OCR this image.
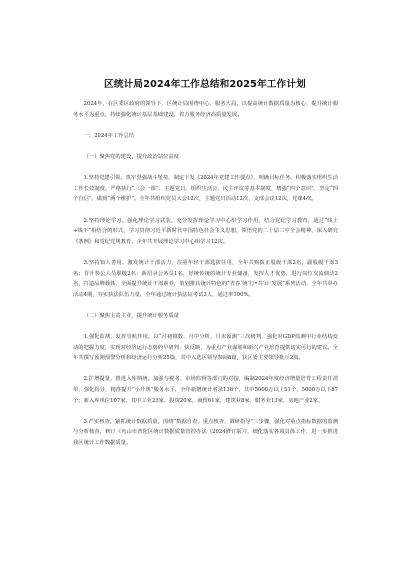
区统计局2024年工作总结和2025年工作计划

2024年，在区委区政府的领导下，区统计局围绕中心、服务大局，以提高统计数据质量为核心、提升统计服务水平为重点，持续强化统计基层基础建设，着力服务经济高质量发展。

一、2024年工作总结

（一）聚焦党的建设，提升政治站位高度

1.坚持党建引领。筑牢坚强战斗堡垒，制定下发《2024年党建工作要点》，明确目标任务。积极落实组织生活工作长效制度，严格执行“三会一课”、主题党日、组织生活会、民主评议等基本制度，增强“四个意识”，坚定“四个自信”，做到“两个维护”。全年共组织党员大会12次，主题党日活动12次，支部会议12次，党课4次。

2.坚持理论学习。强化理论学习武装，充分发挥理论学习中心组学习作用，结合党纪学习教育，通过“线上+线下”相结合的形式，学习贯彻习近平新时代中国特色社会主义思想，领悟党的二十届三中全会精神，深入研究《条例》和党纪党规教育。全年共开展理论学习中心组学习12次。

3.坚持知人善用。激发统计干部活力，注重年轻干部选拔任用，全年共购拨正股级干部2名，副股级干部3名；晋升参公人员职级2名；新招录公务员1名，好统传统的统计专业储备，发挥人才优势，进行岗位交流调动2名，打造品牌载体，全面提升统计干部素养，策划推具统计特色的“青春‘统’行•共‘计’发展”系列活动，全年共举办活动4期，夯实执法队伍力量，全年通过统计执法证考试3人，通过率100%。

（二）聚焦主责主业，提升统计服务质量

1.强化监测，发挥导航作用。以“月初摸数、月中分析、月末预测”三次研判，强化对GDP监测中行业结构变动的把握力度，实现对经济运行态势的早研判、快反映，为重点产业谋划和新兴产业培育提供切实可行的建议。全年共撰写预测预警分析和经济运行分析25篇，其中入选区领导参阅8篇，获区委主要领导批示2篇。

2.扩增提量，推进入库纳统。加强与税务、市场监督等部门的对接，编制2024年度经济增量培育工程责任清单，强化指导，精准提升“小升规”服务水平，全年新增统计名录138个，其中5000万以上51个，5000万以下87个；新入库单位107家，其中工业23家，投资20家，商贸61家，建筑业8家，服务业13家，房地产业2家。

3.严实核查，紧抓统计数据质量。围绕“数据自查、重点核查、调研指导”三步骤，强化对重点指标数据的监测与分析核查，修订《舟山市普陀区统计数据质量管控办法（2024修订版）》，细化落实各项具体工作，进一步推进我区统计工作数据质量。
